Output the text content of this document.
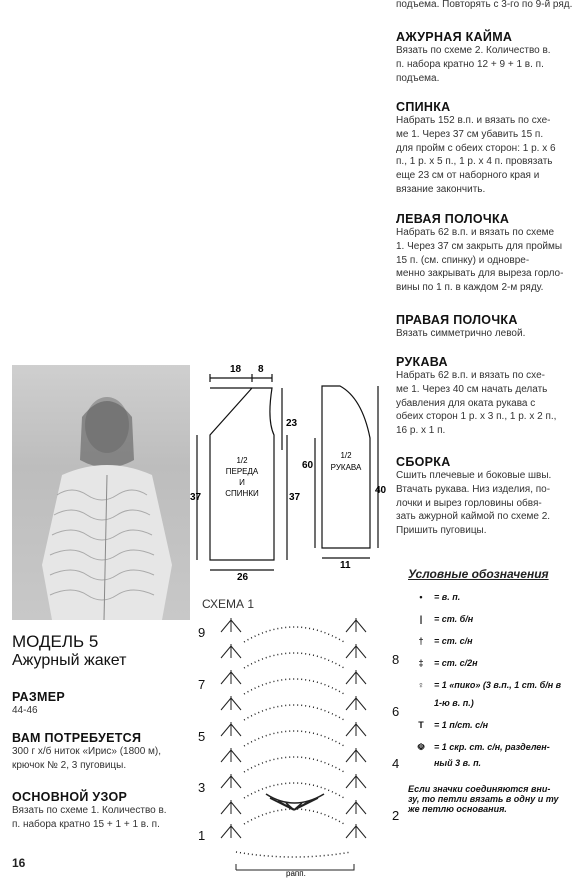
подъема. Повторять с 3-го по 9-й ряд.
АЖУРНАЯ КАЙМА
Вязать по схеме 2. Количество в.
п. набора кратно 12 + 9 + 1 в. п.
подъема.
СПИНКА
Набрать 152 в.п. и вязать по схе-
ме 1. Через 37 см убавить 15 п.
для пройм с обеих сторон: 1 р. х 6
п., 1 р. х 5 п., 1 р. х 4 п. провязать
еще 23 см от наборного края и
вязание закончить.
ЛЕВАЯ ПОЛОЧКА
Набрать 62 в.п. и вязать по схеме
1. Через 37 см закрыть для проймы
15 п. (см. спинку) и одновре-
менно закрывать для выреза горло-
вины по 1 п. в каждом 2-м ряду.
ПРАВАЯ ПОЛОЧКА
Вязать симметрично левой.
РУКАВА
Набрать 62 в.п. и вязать по схе-
ме 1. Через 40 см начать делать
убавления для оката рукава с
обеих сторон 1 р. х 3 п., 1 р. х 2 п.,
16 р. х 1 п.
СБОРКА
Сшить плечевые и боковые швы.
Втачать рукава. Низ изделия, по-
лочки и вырез горловины обвя-
зать ажурной каймой по схеме 2.
Пришить пуговицы.
МОДЕЛЬ 5
Ажурный жакет
РАЗМЕР
44-46
ВАМ ПОТРЕБУЕТСЯ
300 г х/б ниток «Ирис» (1800 м),
крючок № 2, 3 пуговицы.
ОСНОВНОЙ УЗОР
Вязать по схеме 1. Количество в.
п. набора кратно 15 + 1 + 1 в. п.
16
18 8
23
37	37
1/2
ПЕРЕДА
И
СПИНКИ
26
60
40
1/2
РУКАВА
11
СХЕМА 1
9
7
5
3
1
8
6
4
2
рапп.
Условные обозначения
• = в. п.
| = ст. б/н
† = ст. с/н
‡ = ст. с/2н
♀ = 1 «пико» (3 в.п., 1 ст. б/н в
1-ю в. п.)
T = 1 п/ст. с/н
☫ = 1 скр. ст. с/н, разделен-
ный 3 в. п.
Если значки соединяются вни-
зу, то петли вязать в одну и ту
же петлю основания.
